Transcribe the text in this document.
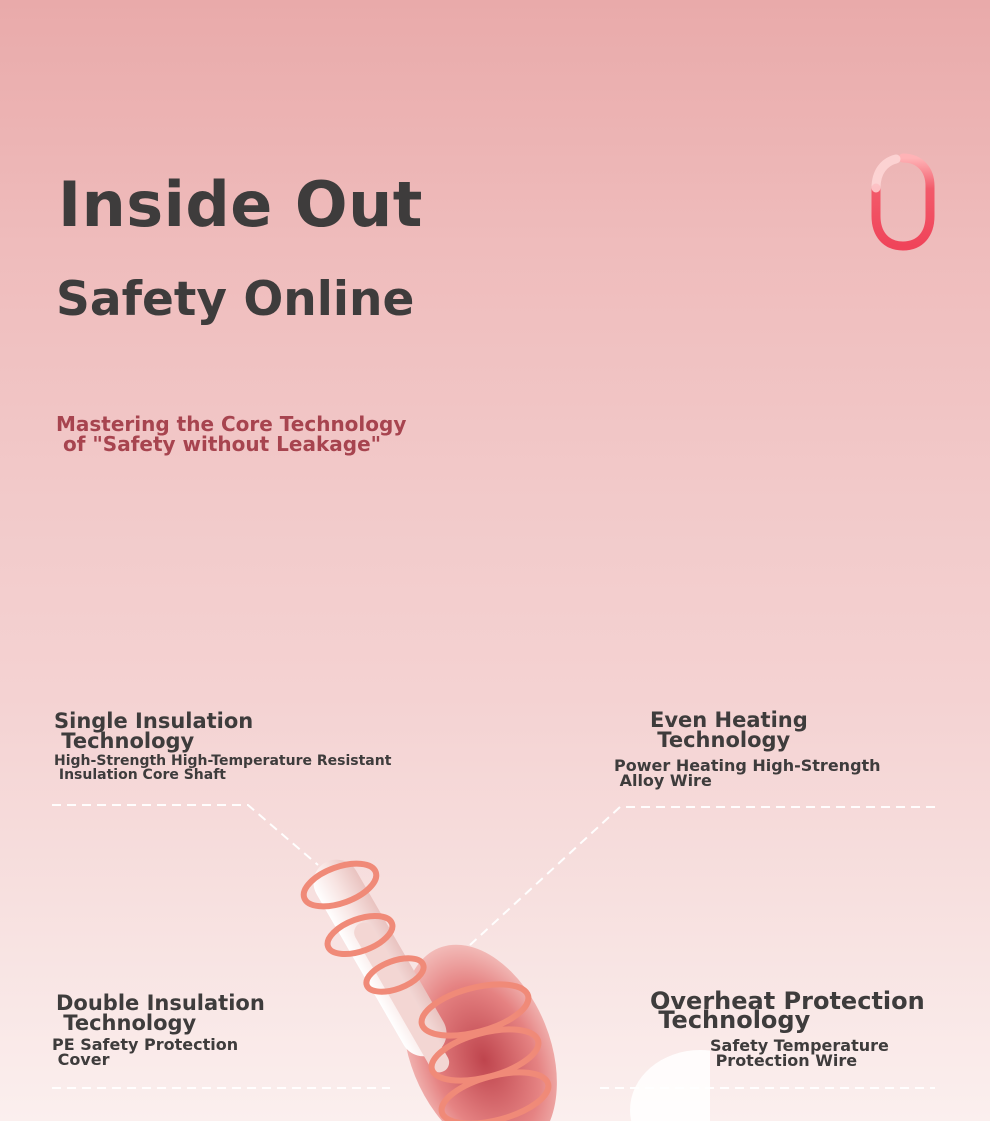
Inside Out
Safety Online
Mastering the Core Technology
of "Safety without Leakage"
Single Insulation
Technology
High-Strength High-Temperature Resistant
Insulation Core Shaft
Even Heating
Technology
Power Heating High-Strength
Alloy Wire
Double Insulation
Technology
PE Safety Protection
Cover
Overheat Protection
Technology
Safety Temperature
Protection Wire
